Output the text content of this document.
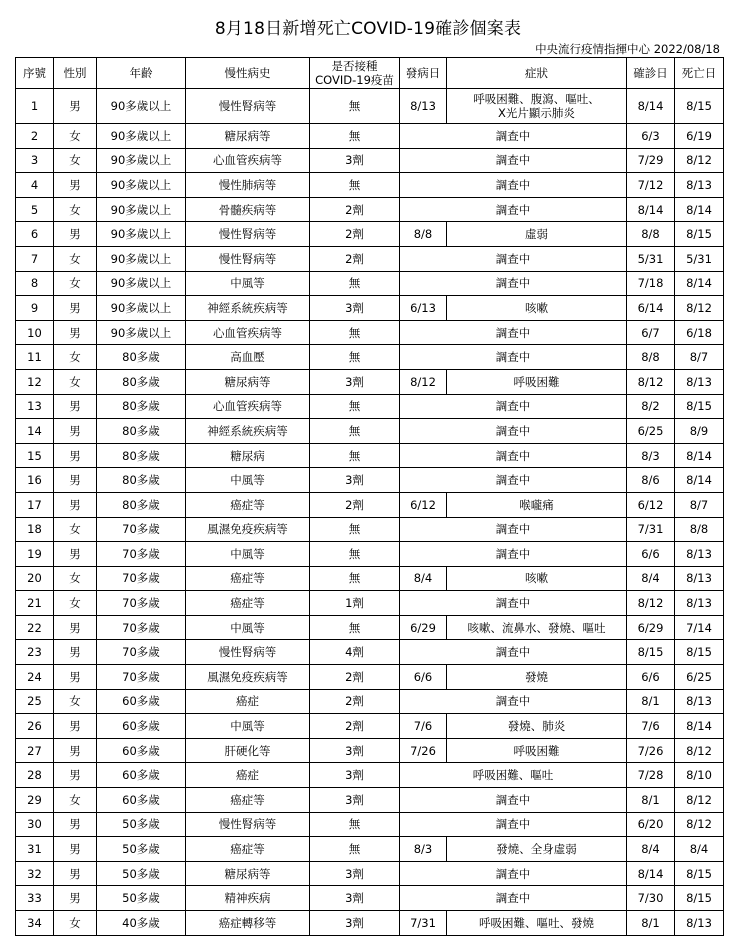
8月18日新增死亡COVID-19確診個案表
中央流行疫情指揮中心 2022/08/18
序號	性別	年齡	慢性病史	是否接種
COVID-19疫苗	發病日	症狀	確診日	死亡日
1	男	90多歲以上	慢性腎病等	無	8/13	呼吸困難、腹瀉、嘔吐、
X光片顯示肺炎	8/14	8/15
2	女	90多歲以上	糖尿病等	無	調查中		6/3	6/19
3	女	90多歲以上	心血管疾病等	3劑	調查中		7/29	8/12
4	男	90多歲以上	慢性肺病等	無	調查中		7/12	8/13
5	女	90多歲以上	骨髓疾病等	2劑	調查中		8/14	8/14
6	男	90多歲以上	慢性腎病等	2劑	8/8	虛弱	8/8	8/15
7	女	90多歲以上	慢性腎病等	2劑	調查中		5/31	5/31
8	女	90多歲以上	中風等	無	調查中		7/18	8/14
9	男	90多歲以上	神經系統疾病等	3劑	6/13	咳嗽	6/14	8/12
10	男	90多歲以上	心血管疾病等	無	調查中		6/7	6/18
11	女	80多歲	高血壓	無	調查中		8/8	8/7
12	女	80多歲	糖尿病等	3劑	8/12	呼吸困難	8/12	8/13
13	男	80多歲	心血管疾病等	無	調查中		8/2	8/15
14	男	80多歲	神經系統疾病等	無	調查中		6/25	8/9
15	男	80多歲	糖尿病	無	調查中		8/3	8/14
16	男	80多歲	中風等	3劑	調查中		8/6	8/14
17	男	80多歲	癌症等	2劑	6/12	喉嚨痛	6/12	8/7
18	女	70多歲	風濕免疫疾病等	無	調查中		7/31	8/8
19	男	70多歲	中風等	無	調查中		6/6	8/13
20	女	70多歲	癌症等	無	8/4	咳嗽	8/4	8/13
21	女	70多歲	癌症等	1劑	調查中		8/12	8/13
22	男	70多歲	中風等	無	6/29	咳嗽、流鼻水、發燒、嘔吐	6/29	7/14
23	男	70多歲	慢性腎病等	4劑	調查中		8/15	8/15
24	男	70多歲	風濕免疫疾病等	2劑	6/6	發燒	6/6	6/25
25	女	60多歲	癌症	2劑	調查中		8/1	8/13
26	男	60多歲	中風等	2劑	7/6	發燒、肺炎	7/6	8/14
27	男	60多歲	肝硬化等	3劑	7/26	呼吸困難	7/26	8/12
28	男	60多歲	癌症	3劑	呼吸困難、嘔吐		7/28	8/10
29	女	60多歲	癌症等	3劑	調查中		8/1	8/12
30	男	50多歲	慢性腎病等	無	調查中		6/20	8/12
31	男	50多歲	癌症等	無	8/3	發燒、全身虛弱	8/4	8/4
32	男	50多歲	糖尿病等	3劑	調查中		8/14	8/15
33	男	50多歲	精神疾病	3劑	調查中		7/30	8/15
34	女	40多歲	癌症轉移等	3劑	7/31	呼吸困難、嘔吐、發燒	8/1	8/13
